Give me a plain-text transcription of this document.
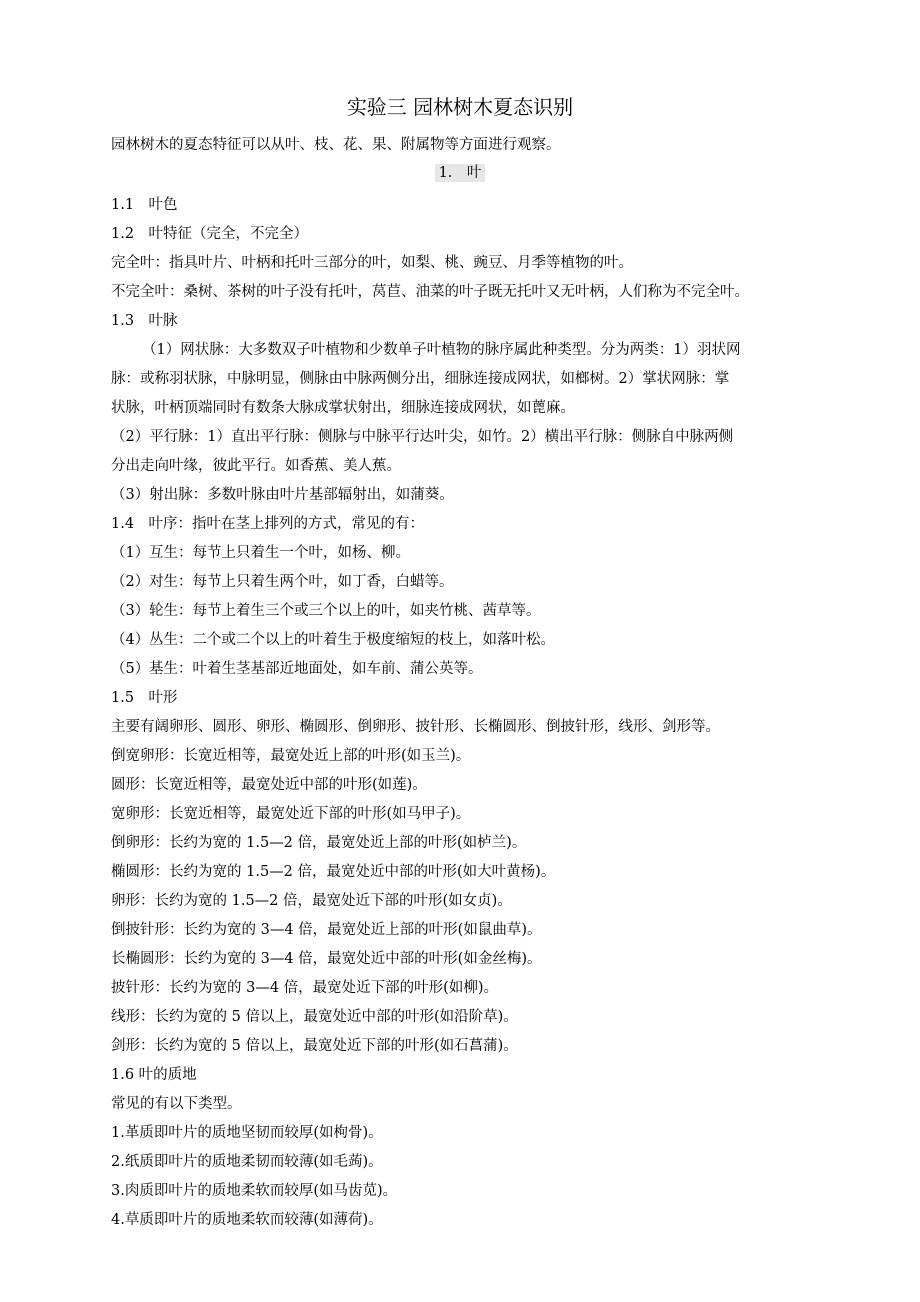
实验三 园林树木夏态识别
园林树木的夏态特征可以从叶、枝、花、果、附属物等方面进行观察。
1.　叶
1.1　叶色
1.2　叶特征（完全，不完全）
完全叶：指具叶片、叶柄和托叶三部分的叶，如梨、桃、豌豆、月季等植物的叶。
不完全叶：桑树、茶树的叶子没有托叶，莴苣、油菜的叶子既无托叶又无叶柄，人们称为不完全叶。
1.3　叶脉
（1）网状脉：大多数双子叶植物和少数单子叶植物的脉序属此种类型。分为两类：1）羽状网
脉：或称羽状脉，中脉明显，侧脉由中脉两侧分出，细脉连接成网状，如榔树。2）掌状网脉：掌
状脉，叶柄顶端同时有数条大脉成掌状射出，细脉连接成网状，如蓖麻。
（2）平行脉：1）直出平行脉：侧脉与中脉平行达叶尖，如竹。2）横出平行脉：侧脉自中脉两侧
分出走向叶缘，彼此平行。如香蕉、美人蕉。
（3）射出脉：多数叶脉由叶片基部辐射出，如蒲葵。
1.4　叶序：指叶在茎上排列的方式，常见的有：
（1）互生：每节上只着生一个叶，如杨、柳。
（2）对生：每节上只着生两个叶，如丁香，白蜡等。
（3）轮生：每节上着生三个或三个以上的叶，如夹竹桃、茜草等。
（4）丛生：二个或二个以上的叶着生于极度缩短的枝上，如落叶松。
（5）基生：叶着生茎基部近地面处，如车前、蒲公英等。
1.5　叶形
主要有阔卵形、圆形、卵形、椭圆形、倒卵形、披针形、长椭圆形、倒披针形，线形、剑形等。
倒宽卵形：长宽近相等，最宽处近上部的叶形(如玉兰)。
圆形：长宽近相等，最宽处近中部的叶形(如莲)。
宽卵形：长宽近相等，最宽处近下部的叶形(如马甲子)。
倒卵形：长约为宽的 1.5—2 倍，最宽处近上部的叶形(如栌兰)。
椭圆形：长约为宽的 1.5—2 倍，最宽处近中部的叶形(如大叶黄杨)。
卵形：长约为宽的 1.5—2 倍，最宽处近下部的叶形(如女贞)。
倒披针形：长约为宽的 3—4 倍，最宽处近上部的叶形(如鼠曲草)。
长椭圆形：长约为宽的 3—4 倍，最宽处近中部的叶形(如金丝梅)。
披针形：长约为宽的 3—4 倍，最宽处近下部的叶形(如柳)。
线形：长约为宽的 5 倍以上，最宽处近中部的叶形(如沿阶草)。
剑形：长约为宽的 5 倍以上，最宽处近下部的叶形(如石菖蒲)。
1.6 叶的质地
常见的有以下类型。
1.革质即叶片的质地坚韧而较厚(如枸骨)。
2.纸质即叶片的质地柔韧而较薄(如毛蒟)。
3.肉质即叶片的质地柔软而较厚(如马齿苋)。
4.草质即叶片的质地柔软而较薄(如薄荷)。
